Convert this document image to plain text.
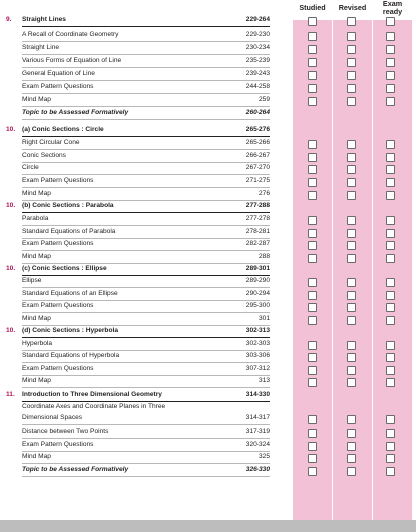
Studied	Revised	Exam
ready
9.	Straight Lines	229-264
A Recall of Coordinate Geometry	229-230
Straight Line	230-234
Various Forms of Equation of Line	235-239
General Equation of Line	239-243
Exam Pattern Questions	244-258
Mind Map	259
Topic to be Assessed Formatively	260-264
10.	(a) Conic Sections : Circle	265-276
Right Circular Cone	265-266
Conic Sections	266-267
Circle	267-270
Exam Pattern Questions	271-275
Mind Map	276
10.	(b) Conic Sections : Parabola	277-288
Parabola	277-278
Standard Equations of Parabola	278-281
Exam Pattern Questions	282-287
Mind Map	288
10.	(c) Conic Sections : Ellipse	289-301
Ellipse	289-290
Standard Equations of an Ellipse	290-294
Exam Pattern Questions	295-300
Mind Map	301
10.	(d) Conic Sections : Hyperbola	302-313
Hyperbola	302-303
Standard Equations of Hyperbola	303-306
Exam Pattern Questions	307-312
Mind Map	313
11.	Introduction to Three Dimensional Geometry	314-330
Coordinate Axes and Coordinate Planes in Three
Dimensional Spaces	314-317
Distance between Two Points	317-319
Exam Pattern Questions	320-324
Mind Map	325
Topic to be Assessed Formatively	326-330
